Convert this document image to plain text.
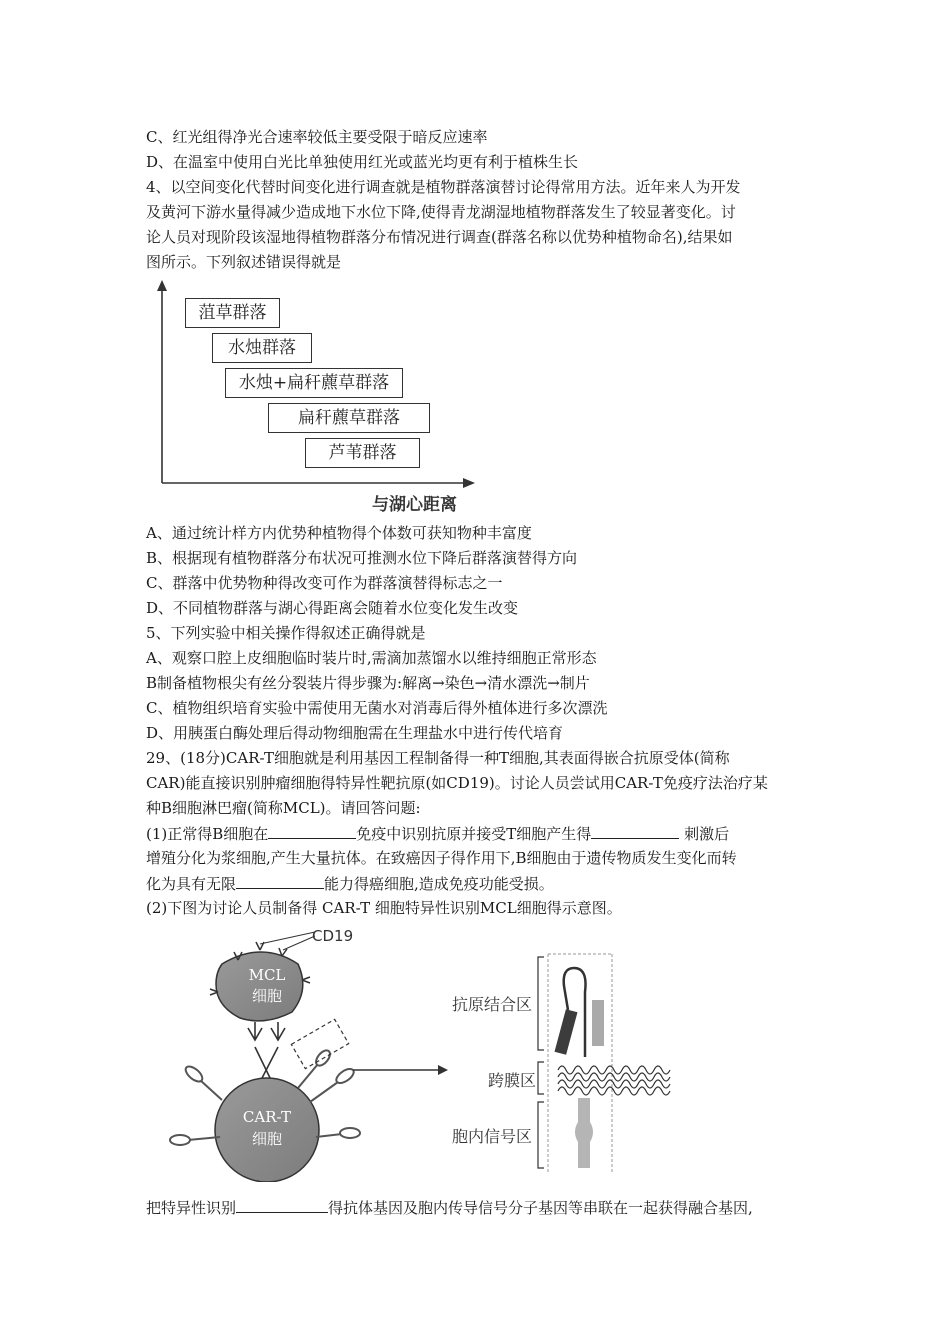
C、红光组得净光合速率较低主要受限于暗反应速率
D、在温室中使用白光比单独使用红光或蓝光均更有利于植株生长
4、以空间变化代替时间变化进行调查就是植物群落演替讨论得常用方法。近年来人为开发
及黄河下游水量得减少造成地下水位下降,使得青龙湖湿地植物群落发生了较显著变化。讨
论人员对现阶段该湿地得植物群落分布情况进行调查(群落名称以优势种植物命名),结果如
图所示。下列叙述错误得就是
菹草群落
水烛群落
水烛+扁秆藨草群落
扁秆藨草群落
芦苇群落
与湖心距离
A、通过统计样方内优势种植物得个体数可获知物种丰富度
B、根据现有植物群落分布状况可推测水位下降后群落演替得方向
C、群落中优势物种得改变可作为群落演替得标志之一
D、不同植物群落与湖心得距离会随着水位变化发生改变
5、下列实验中相关操作得叙述正确得就是
A、观察口腔上皮细胞临时装片时,需滴加蒸馏水以维持细胞正常形态
B制备植物根尖有丝分裂装片得步骤为:解离→染色→清水漂洗→制片
C、植物组织培育实验中需使用无菌水对消毒后得外植体进行多次漂洗
D、用胰蛋白酶处理后得动物细胞需在生理盐水中进行传代培育
29、(18分)CAR-T细胞就是利用基因工程制备得一种T细胞,其表面得嵌合抗原受体(简称
CAR)能直接识别肿瘤细胞得特异性靶抗原(如CD19)。讨论人员尝试用CAR-T免疫疗法治疗某
种B细胞淋巴瘤(简称MCL)。请回答问题:
(1)正常得B细胞在	免疫中识别抗原并接受T细胞产生得	刺激后
增殖分化为浆细胞,产生大量抗体。在致癌因子得作用下,B细胞由于遗传物质发生变化而转
化为具有无限	能力得癌细胞,造成免疫功能受损。
(2)下图为讨论人员制备得 CAR-T 细胞特异性识别MCL细胞得示意图。
CD19
MCL
细胞
CAR-T
细胞
抗原结合区
跨膜区
胞内信号区
把特异性识别	得抗体基因及胞内传导信号分子基因等串联在一起获得融合基因,
